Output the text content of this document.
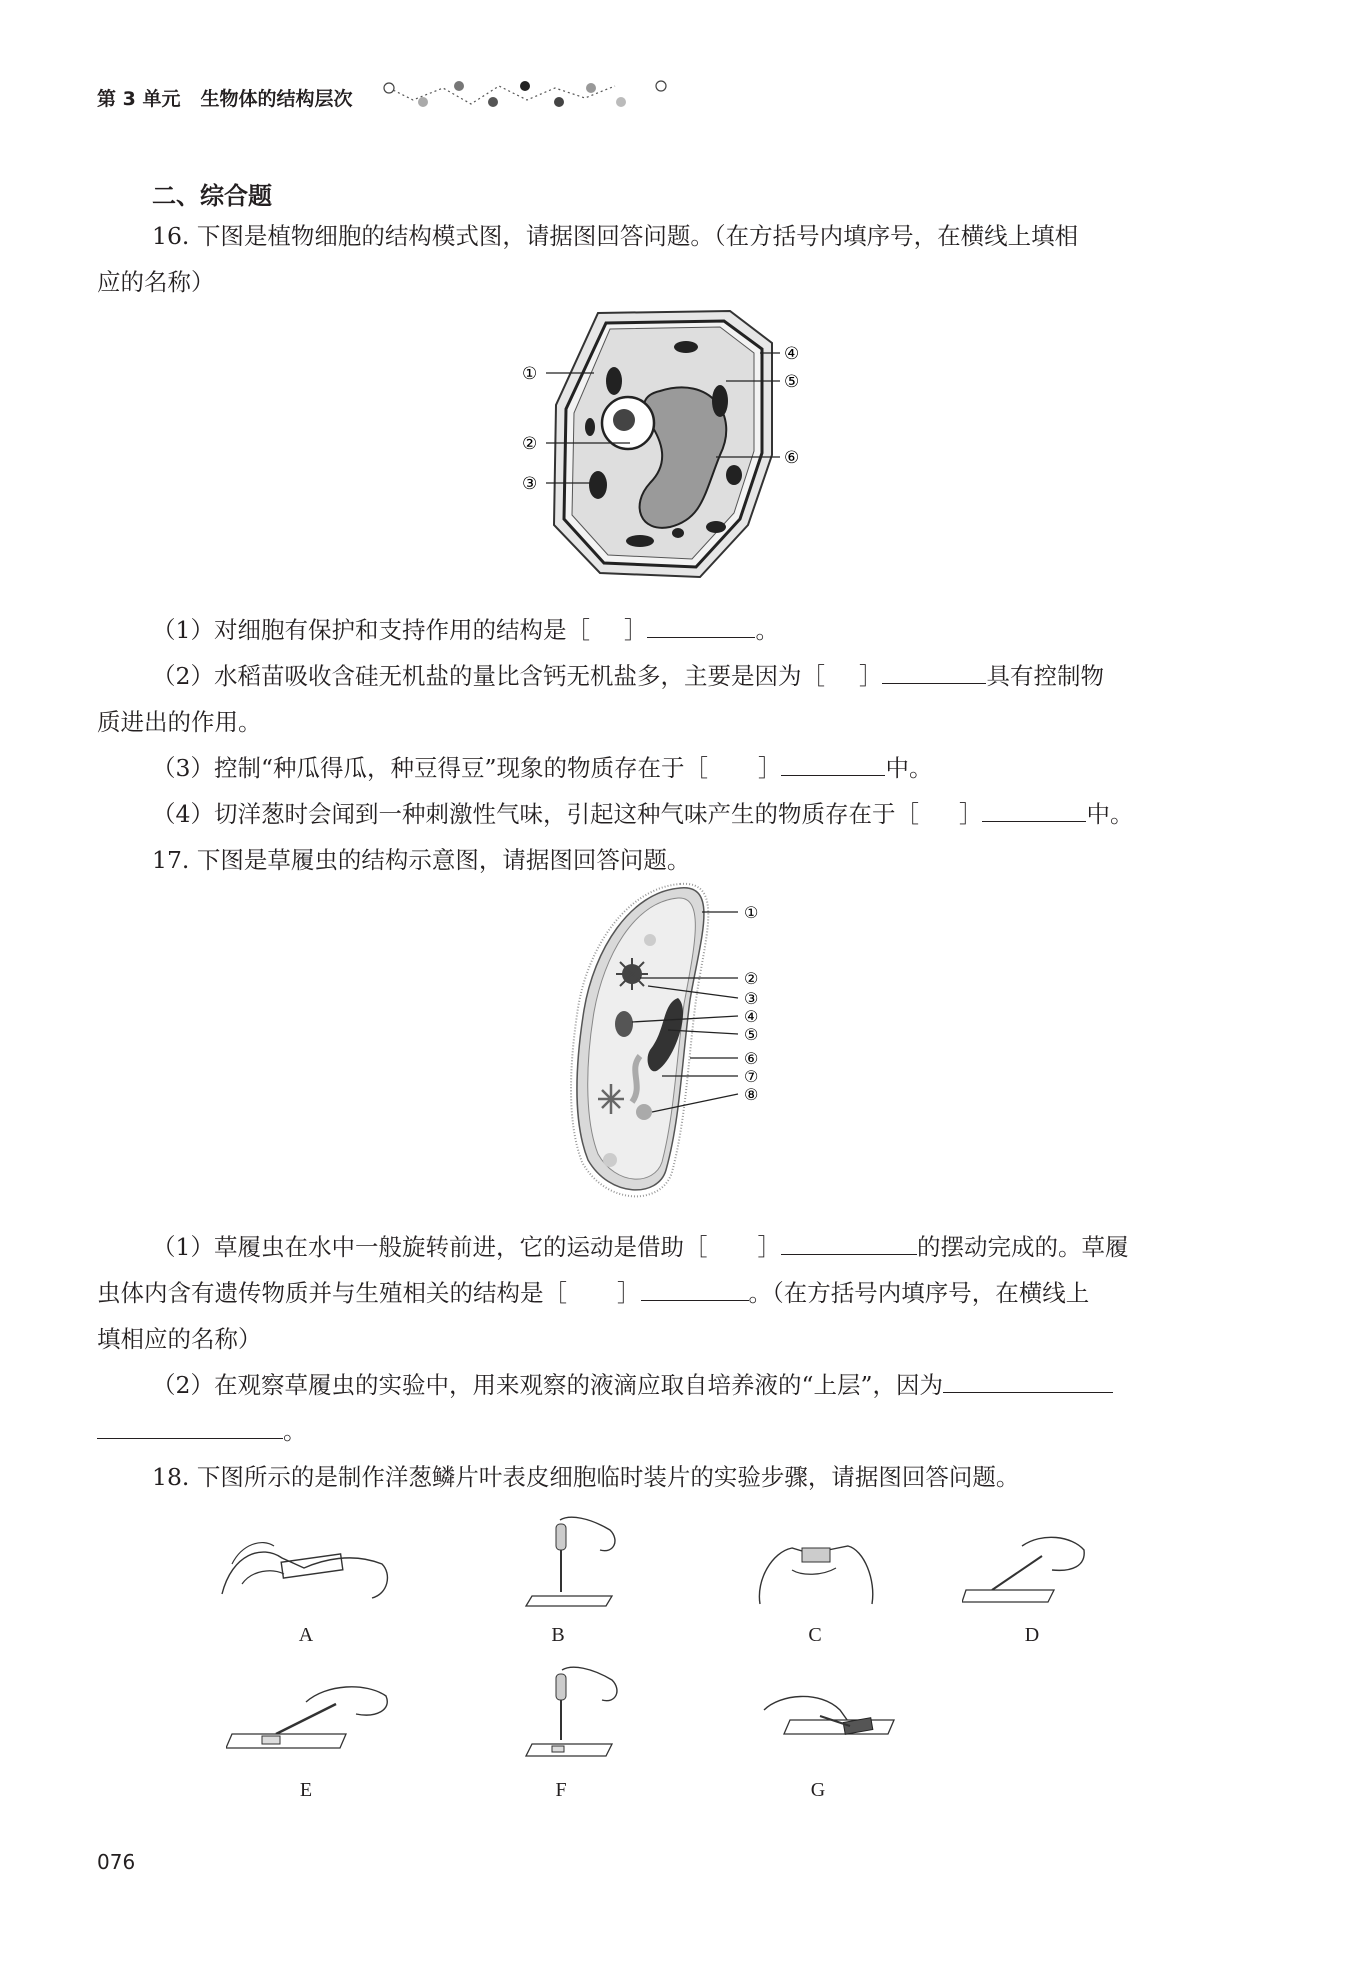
第 3 单元 生物体的结构层次
二、综合题

16. 下图是植物细胞的结构模式图，请据图回答问题。（在方括号内填序号，在横线上填相

应的名称）

①
②
③
④
⑤
⑥

（1）对细胞有保护和支持作用的结构是［ ］	。

（2）水稻苗吸收含硅无机盐的量比含钙无机盐多，主要是因为［ ］	具有控制物

质进出的作用。

（3）控制“种瓜得瓜，种豆得豆”现象的物质存在于［ ］	中。

（4）切洋葱时会闻到一种刺激性气味，引起这种气味产生的物质存在于［ ］	中。

17. 下图是草履虫的结构示意图，请据图回答问题。

①
②
③
④
⑤
⑥
⑦
⑧

（1）草履虫在水中一般旋转前进，它的运动是借助［ ］	的摆动完成的。草履

虫体内含有遗传物质并与生殖相关的结构是［ ］	。（在方括号内填序号，在横线上

填相应的名称）

（2）在观察草履虫的实验中，用来观察的液滴应取自培养液的“上层”，因为

。

18. 下图所示的是制作洋葱鳞片叶表皮细胞临时装片的实验步骤，请据图回答问题。

A	B	C	D
E	F	G
076
